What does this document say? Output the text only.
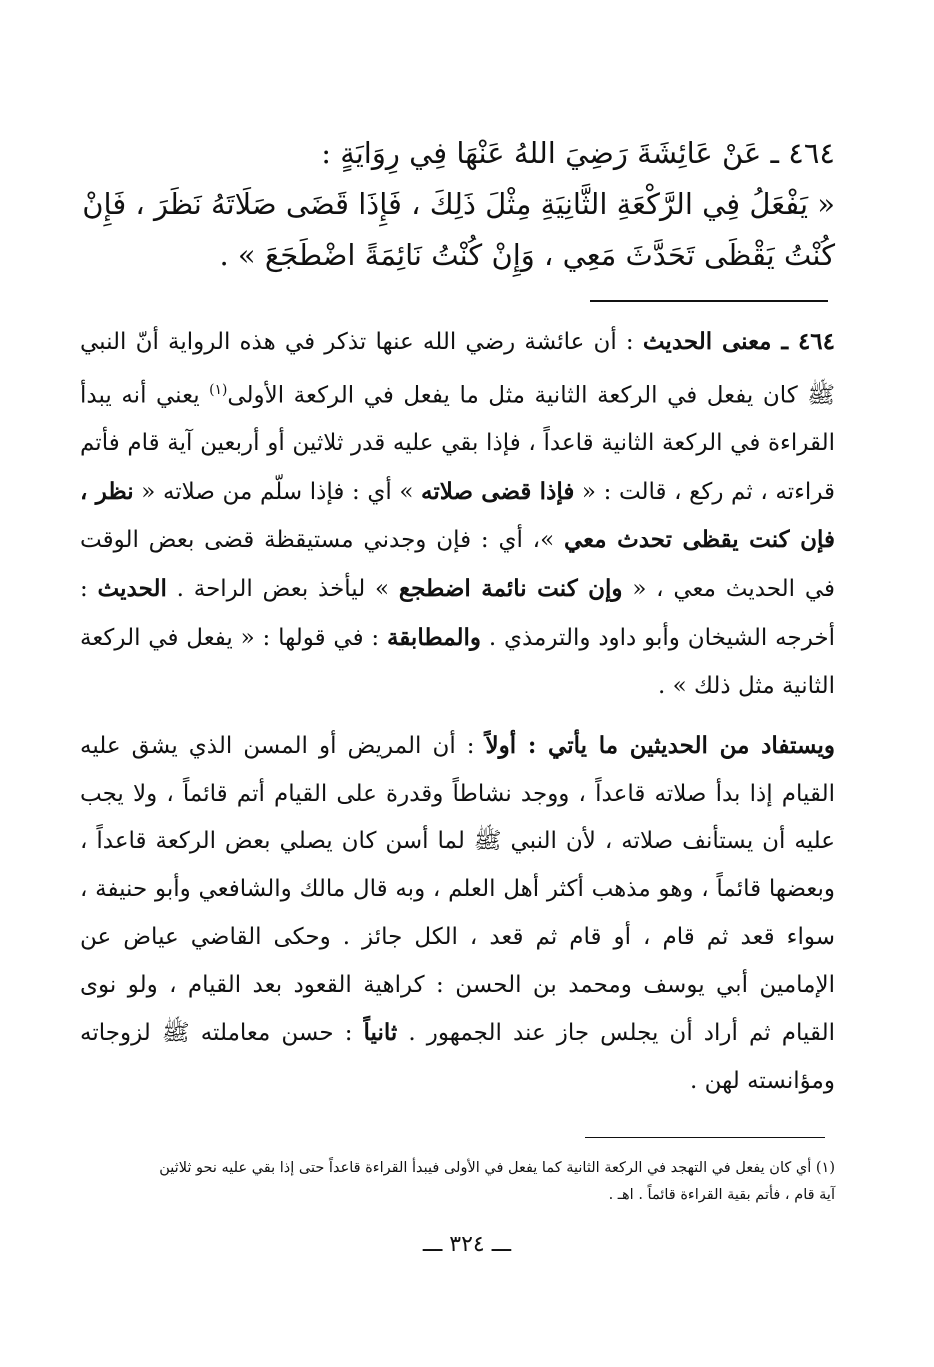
٤٦٤ ـ عَنْ عَائِشَةَ رَضِيَ اللهُ عَنْهَا فِي رِوَايَةٍ :

« يَفْعَلُ فِي الرَّكْعَةِ الثَّانِيَةِ مِثْلَ ذَلِكَ ، فَإِذَا قَضَى صَلَاتَهُ نَظَرَ ، فَإِنْ

كُنْتُ يَقْظَى تَحَدَّثَ مَعِي ، وَإِنْ كُنْتُ نَائِمَةً اضْطَجَعَ » .

٤٦٤ ـ معنى الحديث : أن عائشة رضي الله عنها تذكر في هذه الرواية أنّ النبي ﷺ كان يفعل في الركعة الثانية مثل ما يفعل في الركعة الأولى$^{(١)}$ يعني أنه يبدأ القراءة في الركعة الثانية قاعداً ، فإذا بقي عليه قدر ثلاثين أو أربعين آية قام فأتم قراءته ، ثم ركع ، قالت : « فإذا قضى صلاته » أي : فإذا سلّم من صلاته « نظر ، فإن كنت يقظى تحدث معي »، أي : فإن وجدني مستيقظة قضى بعض الوقت في الحديث معي ، « وإن كنت نائمة اضطجع » ليأخذ بعض الراحة . الحديث : أخرجه الشيخان وأبو داود والترمذي . والمطابقة : في قولها : « يفعل في الركعة الثانية مثل ذلك » .

ويستفاد من الحديثين ما يأتي : أولاً : أن المريض أو المسن الذي يشق عليه القيام إذا بدأ صلاته قاعداً ، ووجد نشاطاً وقدرة على القيام أتم قائماً ، ولا يجب عليه أن يستأنف صلاته ، لأن النبي ﷺ لما أسن كان يصلي بعض الركعة قاعداً ، وبعضها قائماً ، وهو مذهب أكثر أهل العلم ، وبه قال مالك والشافعي وأبو حنيفة ، سواء قعد ثم قام ، أو قام ثم قعد ، الكل جائز . وحكى القاضي عياض عن الإمامين أبي يوسف ومحمد بن الحسن : كراهية القعود بعد القيام ، ولو نوى القيام ثم أراد أن يجلس جاز عند الجمهور . ثانياً : حسن معاملته ﷺ لزوجاته ومؤانسته لهن .

(١) أي كان يفعل في التهجد في الركعة الثانية كما يفعل في الأولى فيبدأ القراءة قاعداً حتى إذا بقي عليه نحو ثلاثين

آية قام ، فأتم بقية القراءة قائماً . اهـ .

ـــ ٣٢٤ ـــ
